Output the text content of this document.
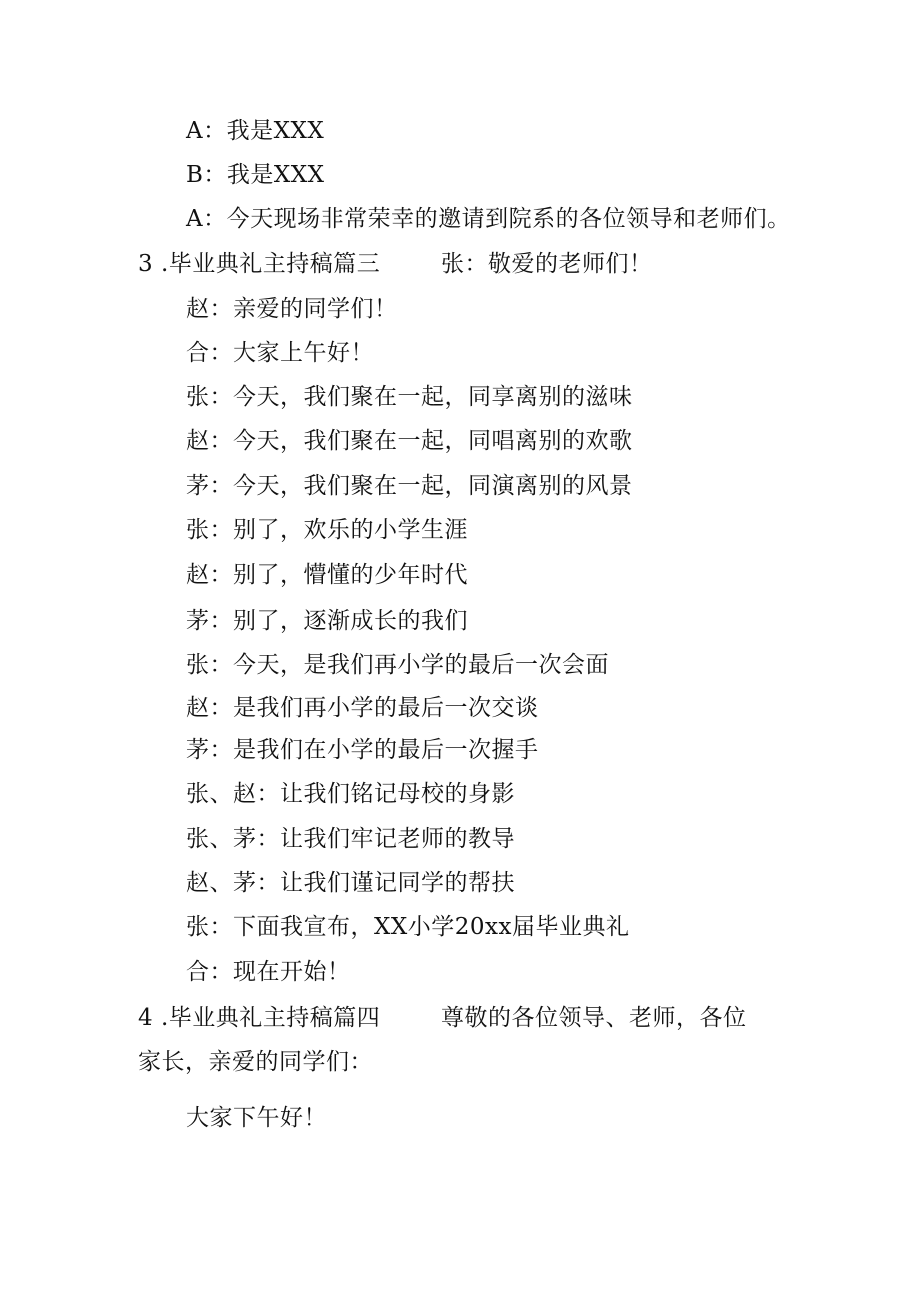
A：我是XXX
B：我是XXX
A：今天现场非常荣幸的邀请到院系的各位领导和老师们。
3 .毕业典礼主持稿篇三	张：敬爱的老师们！
赵：亲爱的同学们！
合：大家上午好！
张：今天，我们聚在一起，同享离别的滋味
赵：今天，我们聚在一起，同唱离别的欢歌
茅：今天，我们聚在一起，同演离别的风景
张：别了，欢乐的小学生涯
赵：别了，懵懂的少年时代
茅：别了，逐渐成长的我们
张：今天，是我们再小学的最后一次会面
赵：是我们再小学的最后一次交谈
茅：是我们在小学的最后一次握手
张、赵：让我们铭记母校的身影
张、茅：让我们牢记老师的教导
赵、茅：让我们谨记同学的帮扶
张：下面我宣布，XX小学20xx届毕业典礼
合：现在开始！
4 .毕业典礼主持稿篇四	尊敬的各位领导、老师，各位
家长，亲爱的同学们：
大家下午好！
